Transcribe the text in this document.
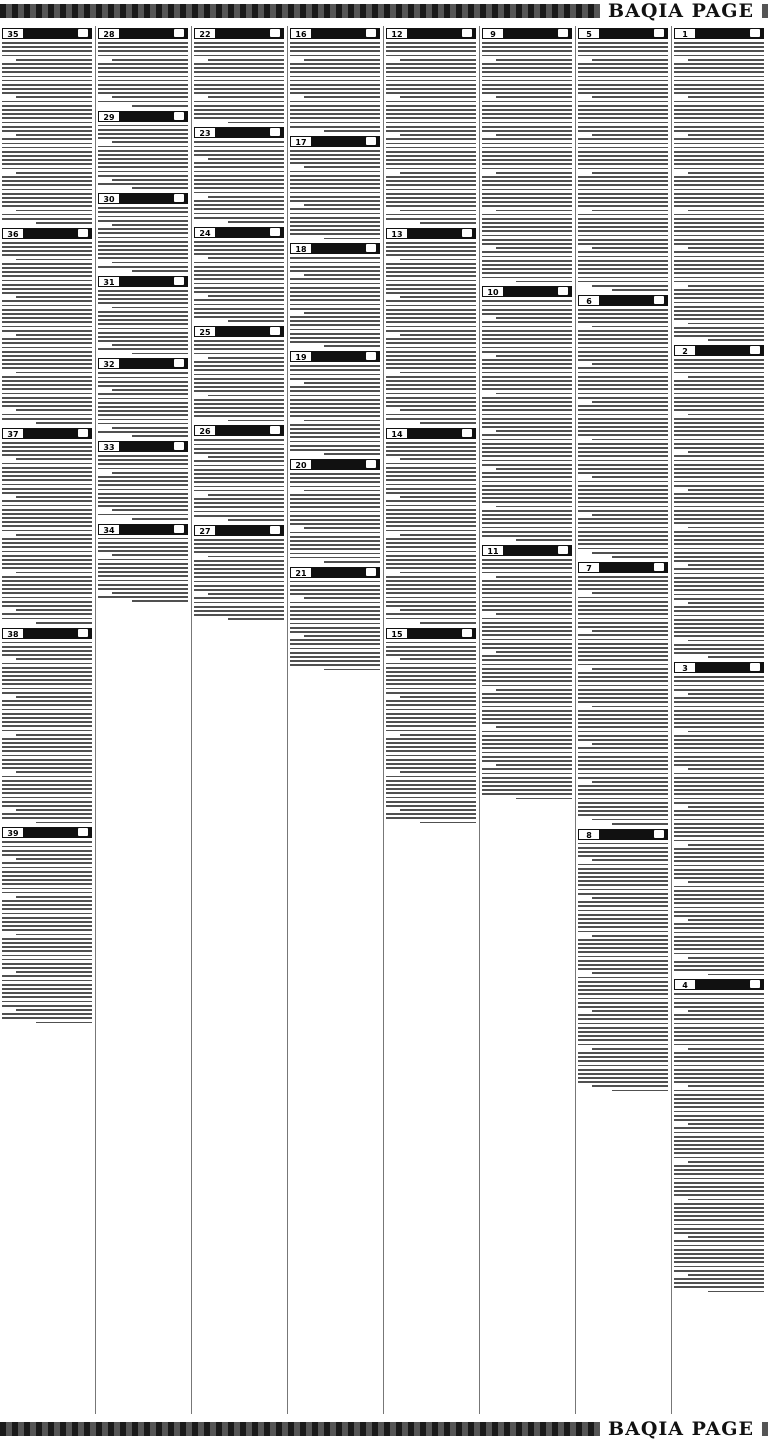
BAQIA PAGE
1
2
3
4
5
6
7
8
9
10
11
12
13
14
15
16
17
18
19
20
21
22
23
24
25
26
27
28
29
30
31
32
33
34
35
36
37
38
39
BAQIA PAGE
